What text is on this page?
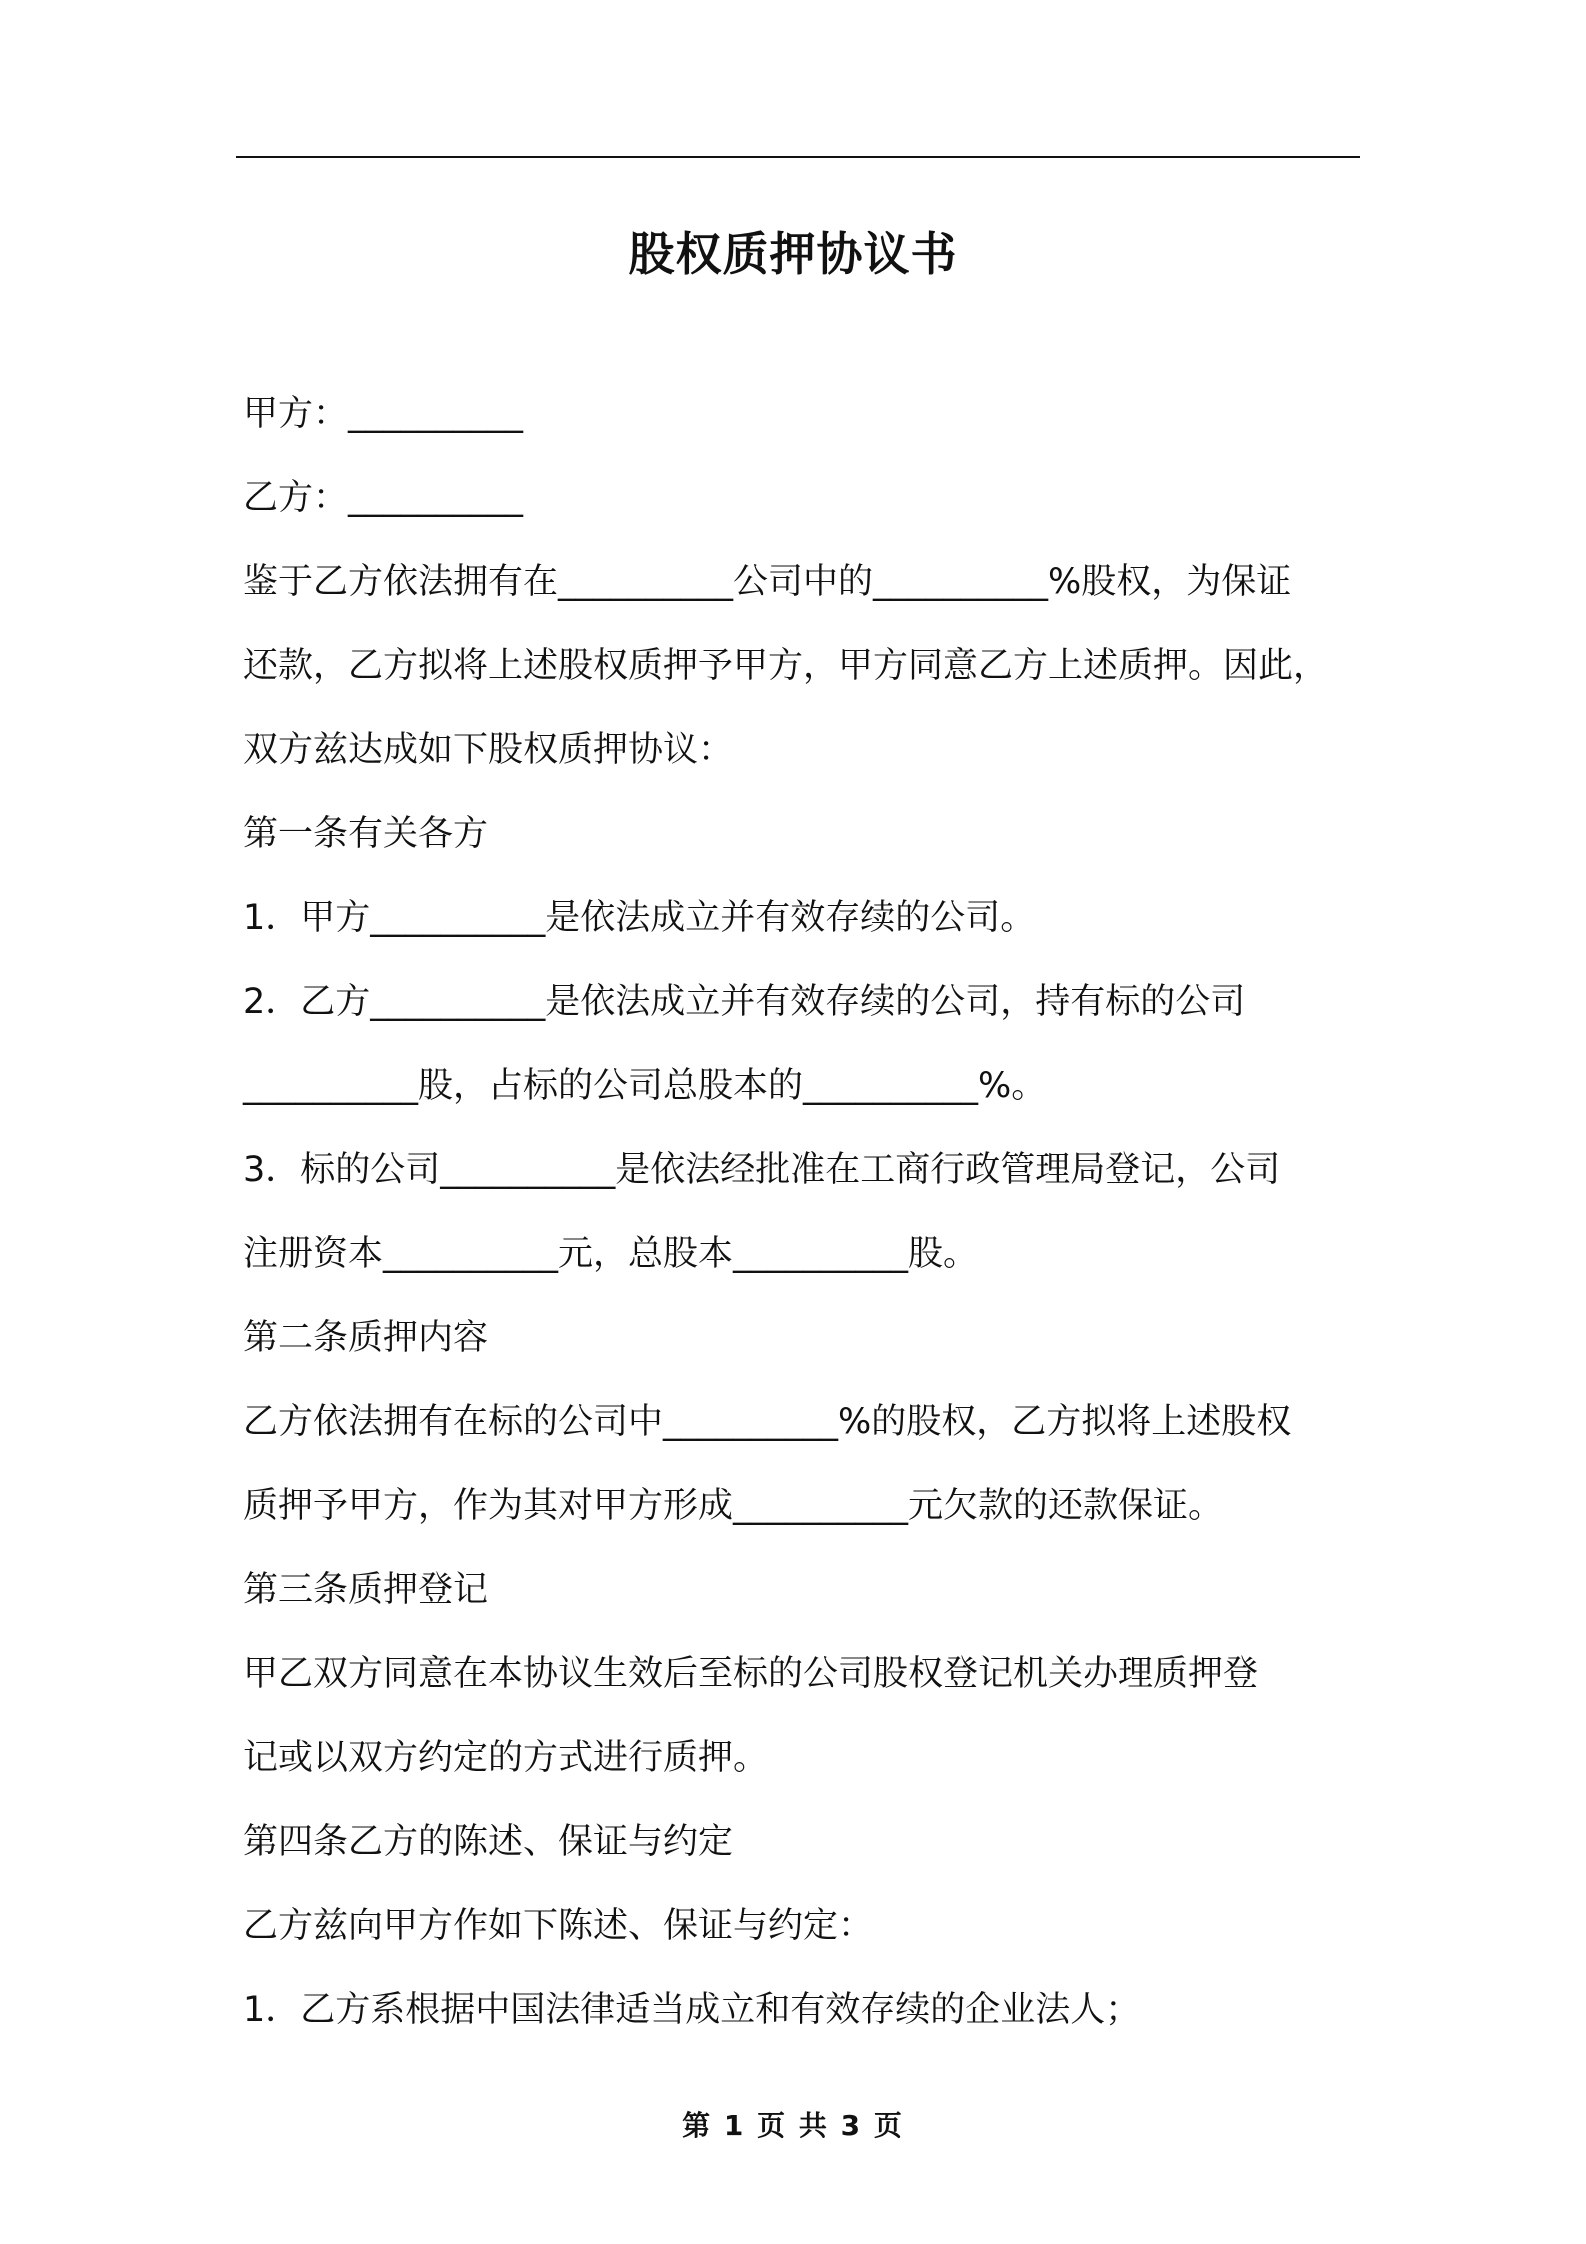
股权质押协议书

甲方：__________

乙方：__________

鉴于乙方依法拥有在__________公司中的__________%股权，为保证

还款，乙方拟将上述股权质押予甲方，甲方同意乙方上述质押。因此，

双方兹达成如下股权质押协议：

第一条有关各方

1．甲方__________是依法成立并有效存续的公司。

2．乙方__________是依法成立并有效存续的公司，持有标的公司

__________股，占标的公司总股本的__________%。

3．标的公司__________是依法经批准在工商行政管理局登记，公司

注册资本__________元，总股本__________股。

第二条质押内容

乙方依法拥有在标的公司中__________%的股权，乙方拟将上述股权

质押予甲方，作为其对甲方形成__________元欠款的还款保证。

第三条质押登记

甲乙双方同意在本协议生效后至标的公司股权登记机关办理质押登

记或以双方约定的方式进行质押。

第四条乙方的陈述、保证与约定

乙方兹向甲方作如下陈述、保证与约定：

1．乙方系根据中国法律适当成立和有效存续的企业法人；

第 1 页 共 3 页
